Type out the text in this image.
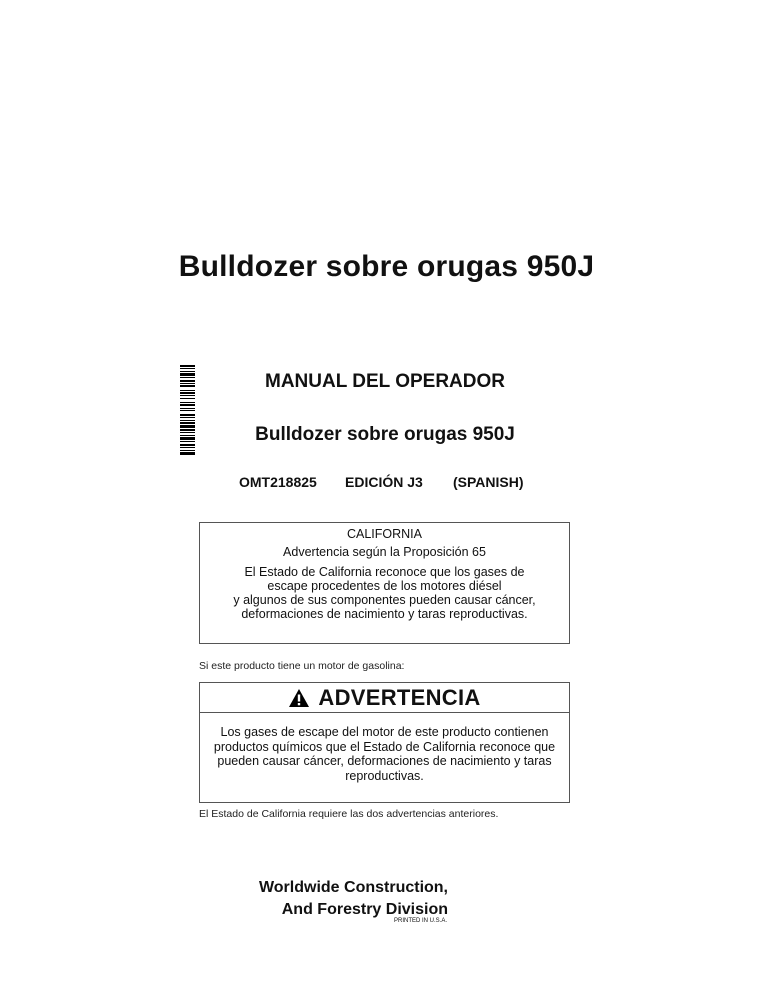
Bulldozer sobre orugas 950J
MANUAL DEL OPERADOR
Bulldozer sobre orugas 950J
OMT218825 EDICIÓN J3 (SPANISH)
CALIFORNIA
Advertencia según la Proposición 65
El Estado de California reconoce que los gases de
escape procedentes de los motores diésel
y algunos de sus componentes pueden causar cáncer,
deformaciones de nacimiento y taras reproductivas.
Si este producto tiene un motor de gasolina:
ADVERTENCIA
Los gases de escape del motor de este producto contienen
productos químicos que el Estado de California reconoce que
pueden causar cáncer, deformaciones de nacimiento y taras
reproductivas.
El Estado de California requiere las dos advertencias anteriores.
Worldwide Construction,
And Forestry Division
PRINTED IN U.S.A.
